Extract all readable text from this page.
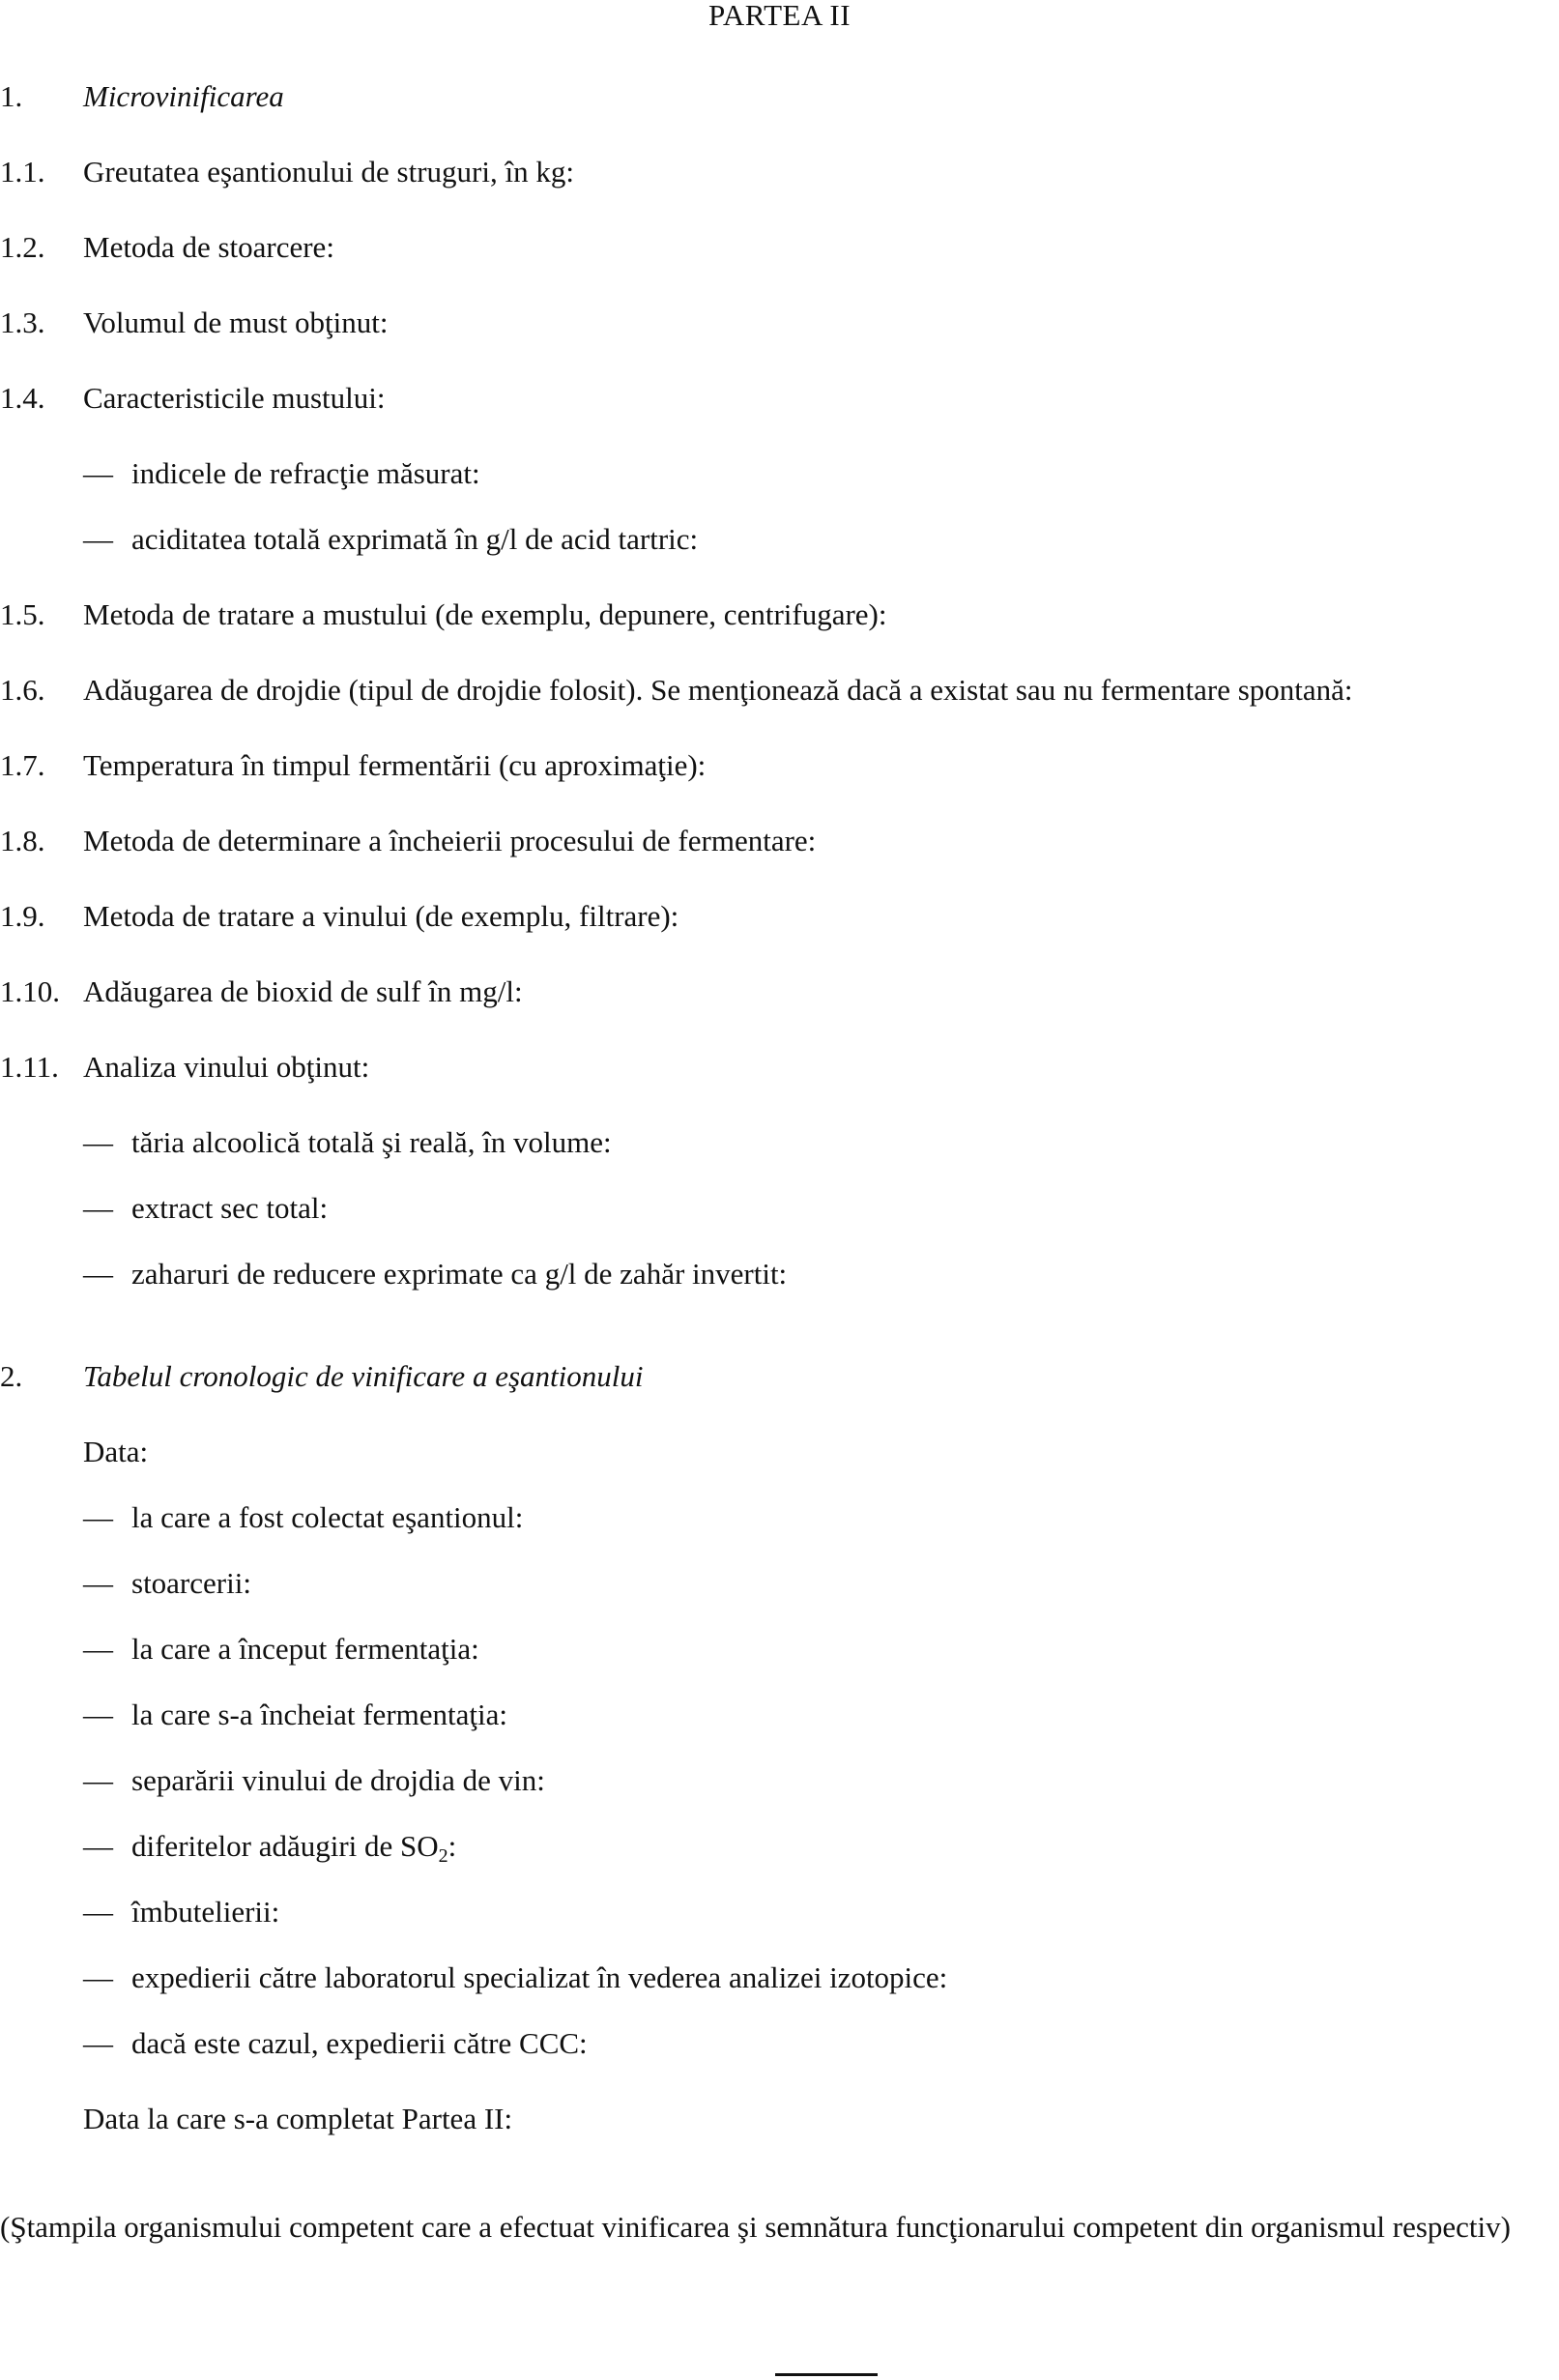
PARTEA II
1. Microvinificarea
1.1. Greutatea eşantionului de struguri, în kg:
1.2. Metoda de stoarcere:
1.3. Volumul de must obţinut:
1.4. Caracteristicile mustului:
— indicele de refracţie măsurat:
— aciditatea totală exprimată în g/l de acid tartric:
1.5. Metoda de tratare a mustului (de exemplu, depunere, centrifugare):
1.6. Adăugarea de drojdie (tipul de drojdie folosit). Se menţionează dacă a existat sau nu fermentare spontană:
1.7. Temperatura în timpul fermentării (cu aproximaţie):
1.8. Metoda de determinare a încheierii procesului de fermentare:
1.9. Metoda de tratare a vinului (de exemplu, filtrare):
1.10. Adăugarea de bioxid de sulf în mg/l:
1.11. Analiza vinului obţinut:
— tăria alcoolică totală şi reală, în volume:
— extract sec total:
— zaharuri de reducere exprimate ca g/l de zahăr invertit:
2. Tabelul cronologic de vinificare a eşantionului
Data:
— la care a fost colectat eşantionul:
— stoarcerii:
— la care a început fermentaţia:
— la care s-a încheiat fermentaţia:
— separării vinului de drojdia de vin:
— diferitelor adăugiri de $SO_2$:
— îmbutelierii:
— expedierii către laboratorul specializat în vederea analizei izotopice:
— dacă este cazul, expedierii către CCC:
Data la care s-a completat Partea II:
(Ştampila organismului competent care a efectuat vinificarea şi semnătura funcţionarului competent din organismul respectiv)
